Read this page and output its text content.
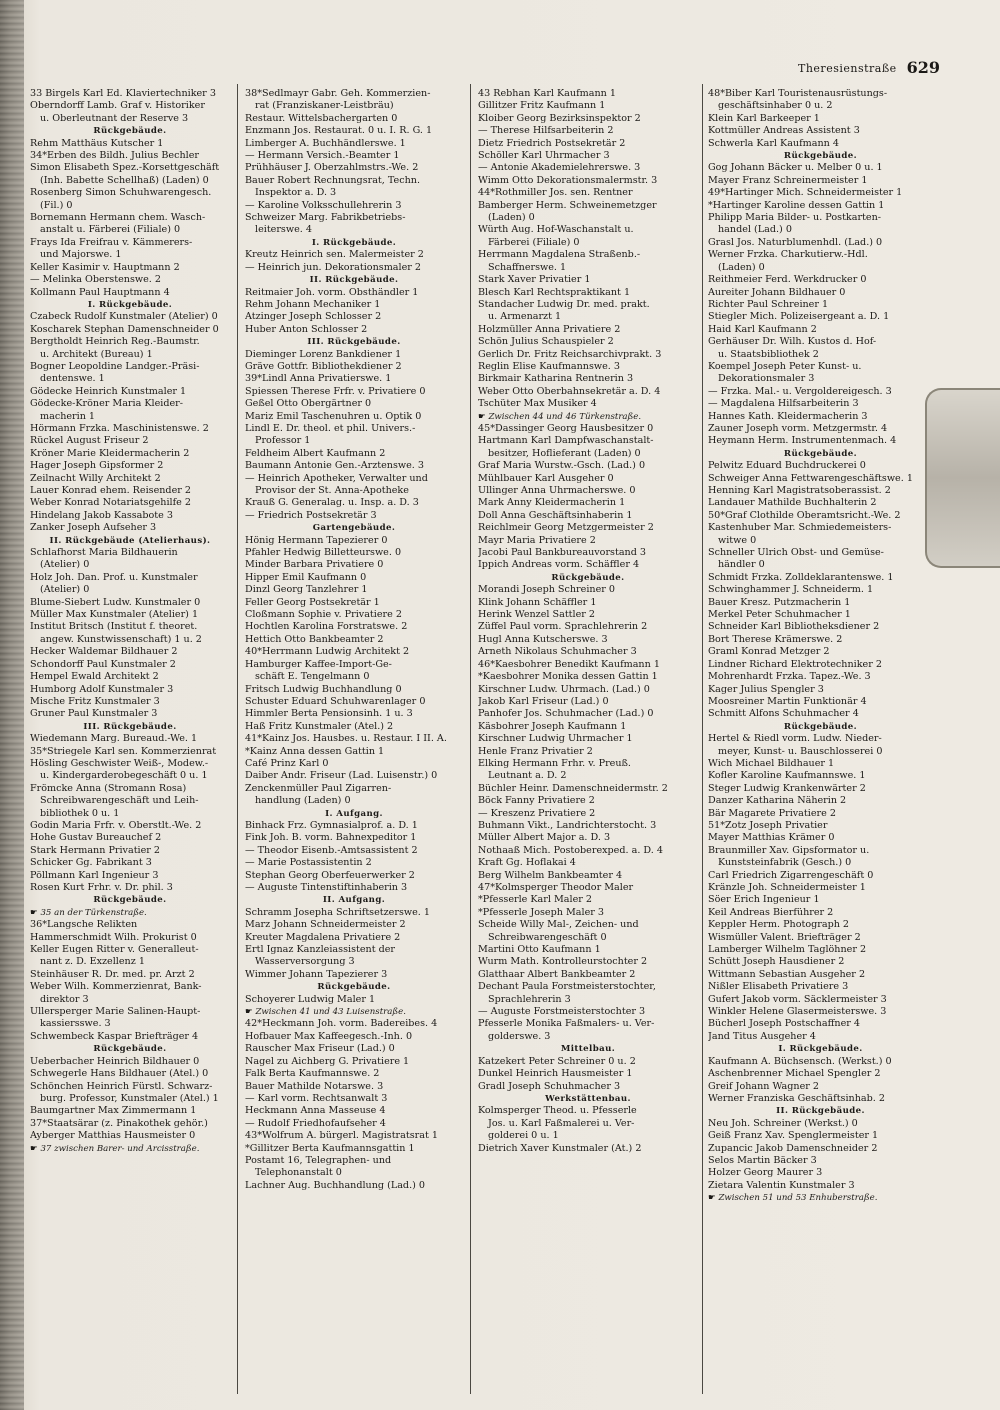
Theresienstraße 629
33 Birgels Karl Ed. Klaviertechniker 3
Oberndorff Lamb. Graf v. Historiker
u. Oberleutnant der Reserve 3
Rückgebäude.
Rehm Matthäus Kutscher 1
34*Erben des Bildh. Julius Bechler
Simon Elisabeth Spez.-Korsettgeschäft
(Inh. Babette Schellhaß) (Laden) 0
Rosenberg Simon Schuhwarengesch.
(Fil.) 0
Bornemann Hermann chem. Wasch-
anstalt u. Färberei (Filiale) 0
Frays Ida Freifrau v. Kämmerers-
und Majorswe. 1
Keller Kasimir v. Hauptmann 2
— Melinka Oberstenswe. 2
Kollmann Paul Hauptmann 4
I. Rückgebäude.
Czabeck Rudolf Kunstmaler (Atelier) 0
Koscharek Stephan Damenschneider 0
Bergtholdt Heinrich Reg.-Baumstr.
u. Architekt (Bureau) 1
Bogner Leopoldine Landger.-Präsi-
dentenswe. 1
Gödecke Heinrich Kunstmaler 1
Gödecke-Kröner Maria Kleider-
macherin 1
Hörmann Frzka. Maschinistenswe. 2
Rückel August Friseur 2
Kröner Marie Kleidermacherin 2
Hager Joseph Gipsformer 2
Zeilnacht Willy Architekt 2
Lauer Konrad ehem. Reisender 2
Weber Konrad Notariatsgehilfe 2
Hindelang Jakob Kassabote 3
Zanker Joseph Aufseher 3
II. Rückgebäude (Atelierhaus).
Schlafhorst Maria Bildhauerin
(Atelier) 0
Holz Joh. Dan. Prof. u. Kunstmaler
(Atelier) 0
Blume-Siebert Ludw. Kunstmaler 0
Müller Max Kunstmaler (Atelier) 1
Institut Britsch (Institut f. theoret.
angew. Kunstwissenschaft) 1 u. 2
Hecker Waldemar Bildhauer 2
Schondorff Paul Kunstmaler 2
Hempel Ewald Architekt 2
Humborg Adolf Kunstmaler 3
Mische Fritz Kunstmaler 3
Gruner Paul Kunstmaler 3
III. Rückgebäude.
Wiedemann Marg. Bureaud.-We. 1
35*Striegele Karl sen. Kommerzienrat
Hösling Geschwister Weiß-, Modew.-
u. Kindergarderobegeschäft 0 u. 1
Frömcke Anna (Stromann Rosa)
Schreibwarengeschäft und Leih-
bibliothek 0 u. 1
Godin Maria Frfr. v. Oberstlt.-We. 2
Hohe Gustav Bureauchef 2
Stark Hermann Privatier 2
Schicker Gg. Fabrikant 3
Pöllmann Karl Ingenieur 3
Rosen Kurt Frhr. v. Dr. phil. 3
Rückgebäude.
☛ 35 an der Türkenstraße.
36*Langsche Relikten
Hammerschmidt Wilh. Prokurist 0
Keller Eugen Ritter v. Generalleut-
nant z. D. Exzellenz 1
Steinhäuser R. Dr. med. pr. Arzt 2
Weber Wilh. Kommerzienrat, Bank-
direktor 3
Ullersperger Marie Salinen-Haupt-
kassiersswe. 3
Schwembeck Kaspar Briefträger 4
Rückgebäude.
Ueberbacher Heinrich Bildhauer 0
Schwegerle Hans Bildhauer (Atel.) 0
Schönchen Heinrich Fürstl. Schwarz-
burg. Professor, Kunstmaler (Atel.) 1
Baumgartner Max Zimmermann 1
37*Staatsärar (z. Pinakothek gehör.)
Ayberger Matthias Hausmeister 0
☛ 37 zwischen Barer- und Arcisstraße.
38*Sedlmayr Gabr. Geh. Kommerzien-
rat (Franziskaner-Leistbräu)
Restaur. Wittelsbachergarten 0
Enzmann Jos. Restaurat. 0 u. I. R. G. 1
Limberger A. Buchhändlerswe. 1
— Hermann Versich.-Beamter 1
Prühhäuser J. Oberzahlmstrs.-We. 2
Bauer Robert Rechnungsrat, Techn.
Inspektor a. D. 3
— Karoline Volksschullehrerin 3
Schweizer Marg. Fabrikbetriebs-
leiterswe. 4
I. Rückgebäude.
Kreutz Heinrich sen. Malermeister 2
— Heinrich jun. Dekorationsmaler 2
II. Rückgebäude.
Reitmaier Joh. vorm. Obsthändler 1
Rehm Johann Mechaniker 1
Atzinger Joseph Schlosser 2
Huber Anton Schlosser 2
III. Rückgebäude.
Dieminger Lorenz Bankdiener 1
Gräve Gottfr. Bibliothekdiener 2
39*Lindl Anna Privatierswe. 1
Spiessen Therese Frfr. v. Privatiere 0
Geßel Otto Obergärtner 0
Mariz Emil Taschenuhren u. Optik 0
Lindl E. Dr. theol. et phil. Univers.-
Professor 1
Feldheim Albert Kaufmann 2
Baumann Antonie Gen.-Arztenswe. 3
— Heinrich Apotheker, Verwalter und
Provisor der St. Anna-Apotheke
Krauß G. Generalag. u. Insp. a. D. 3
— Friedrich Postsekretär 3
Gartengebäude.
Hönig Hermann Tapezierer 0
Pfahler Hedwig Billetteurswe. 0
Minder Barbara Privatiere 0
Hipper Emil Kaufmann 0
Dinzl Georg Tanzlehrer 1
Feller Georg Postsekretär 1
Cloßmann Sophie v. Privatiere 2
Hochtlen Karolina Forstratswe. 2
Hettich Otto Bankbeamter 2
40*Herrmann Ludwig Architekt 2
Hamburger Kaffee-Import-Ge-
schäft E. Tengelmann 0
Fritsch Ludwig Buchhandlung 0
Schuster Eduard Schuhwarenlager 0
Himmler Berta Pensionsinh. 1 u. 3
Haß Fritz Kunstmaler (Atel.) 2
41*Kainz Jos. Hausbes. u. Restaur. I II. A.
*Kainz Anna dessen Gattin 1
Café Prinz Karl 0
Daiber Andr. Friseur (Lad. Luisenstr.) 0
Zenckenmüller Paul Zigarren-
handlung (Laden) 0
I. Aufgang.
Binhack Frz. Gymnasialprof. a. D. 1
Fink Joh. B. vorm. Bahnexpeditor 1
— Theodor Eisenb.-Amtsassistent 2
— Marie Postassistentin 2
Stephan Georg Oberfeuerwerker 2
— Auguste Tintenstiftinhaberin 3
II. Aufgang.
Schramm Josepha Schriftsetzerswe. 1
Marz Johann Schneidermeister 2
Kreuter Magdalena Privatiere 2
Ertl Ignaz Kanzleiassistent der
Wasserversorgung 3
Wimmer Johann Tapezierer 3
Rückgebäude.
Schoyerer Ludwig Maler 1
☛ Zwischen 41 und 43 Luisenstraße.
42*Heckmann Joh. vorm. Badereibes. 4
Hofbauer Max Kaffeegesch.-Inh. 0
Rauscher Max Friseur (Lad.) 0
Nagel zu Aichberg G. Privatiere 1
Falk Berta Kaufmannswe. 2
Bauer Mathilde Notarswe. 3
— Karl vorm. Rechtsanwalt 3
Heckmann Anna Masseuse 4
— Rudolf Friedhofaufseher 4
43*Wolfrum A. bürgerl. Magistratsrat 1
*Gillitzer Berta Kaufmannsgattin 1
Postamt 16, Telegraphen- und
Telephonanstalt 0
Lachner Aug. Buchhandlung (Lad.) 0
43 Rebhan Karl Kaufmann 1
Gillitzer Fritz Kaufmann 1
Kloiber Georg Bezirksinspektor 2
— Therese Hilfsarbeiterin 2
Dietz Friedrich Postsekretär 2
Schöller Karl Uhrmacher 3
— Antonie Akademielehrerswe. 3
Wimm Otto Dekorationsmalermstr. 3
44*Rothmiller Jos. sen. Rentner
Bamberger Herm. Schweinemetzger
(Laden) 0
Würth Aug. Hof-Waschanstalt u.
Färberei (Filiale) 0
Herrmann Magdalena Straßenb.-
Schaffnerswe. 1
Stark Xaver Privatier 1
Blesch Karl Rechtspraktikant 1
Standacher Ludwig Dr. med. prakt.
u. Armenarzt 1
Holzmüller Anna Privatiere 2
Schön Julius Schauspieler 2
Gerlich Dr. Fritz Reichsarchivprakt. 3
Reglin Elise Kaufmannswe. 3
Birkmair Katharina Rentnerin 3
Weber Otto Oberbahnsekretär a. D. 4
Tschüter Max Musiker 4
☛ Zwischen 44 und 46 Türkenstraße.
45*Dassinger Georg Hausbesitzer 0
Hartmann Karl Dampfwaschanstalt-
besitzer, Hoflieferant (Laden) 0
Graf Maria Wurstw.-Gsch. (Lad.) 0
Mühlbauer Karl Ausgeher 0
Ullinger Anna Uhrmacherswe. 0
Mark Anny Kleidermacherin 1
Doll Anna Geschäftsinhaberin 1
Reichlmeir Georg Metzgermeister 2
Mayr Maria Privatiere 2
Jacobi Paul Bankbureauvorstand 3
Ippich Andreas vorm. Schäffler 4
Rückgebäude.
Morandi Joseph Schreiner 0
Klink Johann Schäffler 1
Herink Wenzel Sattler 2
Züffel Paul vorm. Sprachlehrerin 2
Hugl Anna Kutscherswe. 3
Arneth Nikolaus Schuhmacher 3
46*Kaesbohrer Benedikt Kaufmann 1
*Kaesbohrer Monika dessen Gattin 1
Kirschner Ludw. Uhrmach. (Lad.) 0
Jakob Karl Friseur (Lad.) 0
Panhofer Jos. Schuhmacher (Lad.) 0
Käsbohrer Joseph Kaufmann 1
Kirschner Ludwig Uhrmacher 1
Henle Franz Privatier 2
Elking Hermann Frhr. v. Preuß.
Leutnant a. D. 2
Büchler Heinr. Damenschneidermstr. 2
Böck Fanny Privatiere 2
— Kreszenz Privatiere 2
Buhmann Vikt., Landrichterstocht. 3
Müller Albert Major a. D. 3
Nothaaß Mich. Postoberexped. a. D. 4
Kraft Gg. Hoflakai 4
Berg Wilhelm Bankbeamter 4
47*Kolmsperger Theodor Maler
*Pfesserle Karl Maler 2
*Pfesserle Joseph Maler 3
Scheide Willy Mal-, Zeichen- und
Schreibwarengeschäft 0
Martini Otto Kaufmann 1
Wurm Math. Kontrolleurstochter 2
Glatthaar Albert Bankbeamter 2
Dechant Paula Forstmeisterstochter,
Sprachlehrerin 3
— Auguste Forstmeisterstochter 3
Pfesserle Monika Faßmalers- u. Ver-
golderswe. 3
Mittelbau.
Katzekert Peter Schreiner 0 u. 2
Dunkel Heinrich Hausmeister 1
Gradl Joseph Schuhmacher 3
Werkstättenbau.
Kolmsperger Theod. u. Pfesserle
Jos. u. Karl Faßmalerei u. Ver-
golderei 0 u. 1
Dietrich Xaver Kunstmaler (At.) 2
48*Biber Karl Touristenausrüstungs-
geschäftsinhaber 0 u. 2
Klein Karl Barkeeper 1
Kottmüller Andreas Assistent 3
Schwerla Karl Kaufmann 4
Rückgebäude.
Gog Johann Bäcker u. Melber 0 u. 1
Mayer Franz Schreinermeister 1
49*Hartinger Mich. Schneidermeister 1
*Hartinger Karoline dessen Gattin 1
Philipp Maria Bilder- u. Postkarten-
handel (Lad.) 0
Grasl Jos. Naturblumenhdl. (Lad.) 0
Werner Frzka. Charkutierw.-Hdl.
(Laden) 0
Reithmeier Ferd. Werkdrucker 0
Aureiter Johann Bildhauer 0
Richter Paul Schreiner 1
Stiegler Mich. Polizeisergeant a. D. 1
Haid Karl Kaufmann 2
Gerhäuser Dr. Wilh. Kustos d. Hof-
u. Staatsbibliothek 2
Koempel Joseph Peter Kunst- u.
Dekorationsmaler 3
— Frzka. Mal.- u. Vergoldereigesch. 3
— Magdalena Hilfsarbeiterin 3
Hannes Kath. Kleidermacherin 3
Zauner Joseph vorm. Metzgermstr. 4
Heymann Herm. Instrumentenmach. 4
Rückgebäude.
Pelwitz Eduard Buchdruckerei 0
Schweiger Anna Fettwarengeschäftswe. 1
Henning Karl Magistratsoberassist. 2
Landauer Mathilde Buchhalterin 2
50*Graf Clothilde Oberamtsricht.-We. 2
Kastenhuber Mar. Schmiedemeisters-
witwe 0
Schneller Ulrich Obst- und Gemüse-
händler 0
Schmidt Frzka. Zolldeklarantenswe. 1
Schwinghammer J. Schneiderm. 1
Bauer Kresz. Putzmacherin 1
Merkel Peter Schuhmacher 1
Schneider Karl Bibliotheksdiener 2
Bort Therese Krämerswe. 2
Graml Konrad Metzger 2
Lindner Richard Elektrotechniker 2
Mohrenhardt Frzka. Tapez.-We. 3
Kager Julius Spengler 3
Moosreiner Martin Funktionär 4
Schmitt Alfons Schuhmacher 4
Rückgebäude.
Hertel & Riedl vorm. Ludw. Nieder-
meyer, Kunst- u. Bauschlosserei 0
Wich Michael Bildhauer 1
Kofler Karoline Kaufmannswe. 1
Steger Ludwig Krankenwärter 2
Danzer Katharina Näherin 2
Bär Magarete Privatiere 2
51*Zotz Joseph Privatier
Mayer Matthias Krämer 0
Braunmiller Xav. Gipsformator u.
Kunststeinfabrik (Gesch.) 0
Carl Friedrich Zigarrengeschäft 0
Kränzle Joh. Schneidermeister 1
Söer Erich Ingenieur 1
Keil Andreas Bierführer 2
Keppler Herm. Photograph 2
Wismüller Valent. Briefträger 2
Lamberger Wilhelm Taglöhner 2
Schütt Joseph Hausdiener 2
Wittmann Sebastian Ausgeher 2
Nißler Elisabeth Privatiere 3
Gufert Jakob vorm. Säcklermeister 3
Winkler Helene Glasermeisterswe. 3
Bücherl Joseph Postschaffner 4
Jand Titus Ausgeher 4
I. Rückgebäude.
Kaufmann A. Büchsensch. (Werkst.) 0
Aschenbrenner Michael Spengler 2
Greif Johann Wagner 2
Werner Franziska Geschäftsinhab. 2
II. Rückgebäude.
Neu Joh. Schreiner (Werkst.) 0
Geiß Franz Xav. Spenglermeister 1
Zupancic Jakob Damenschneider 2
Selos Martin Bäcker 3
Holzer Georg Maurer 3
Zietara Valentin Kunstmaler 3
☛ Zwischen 51 und 53 Enhuberstraße.
